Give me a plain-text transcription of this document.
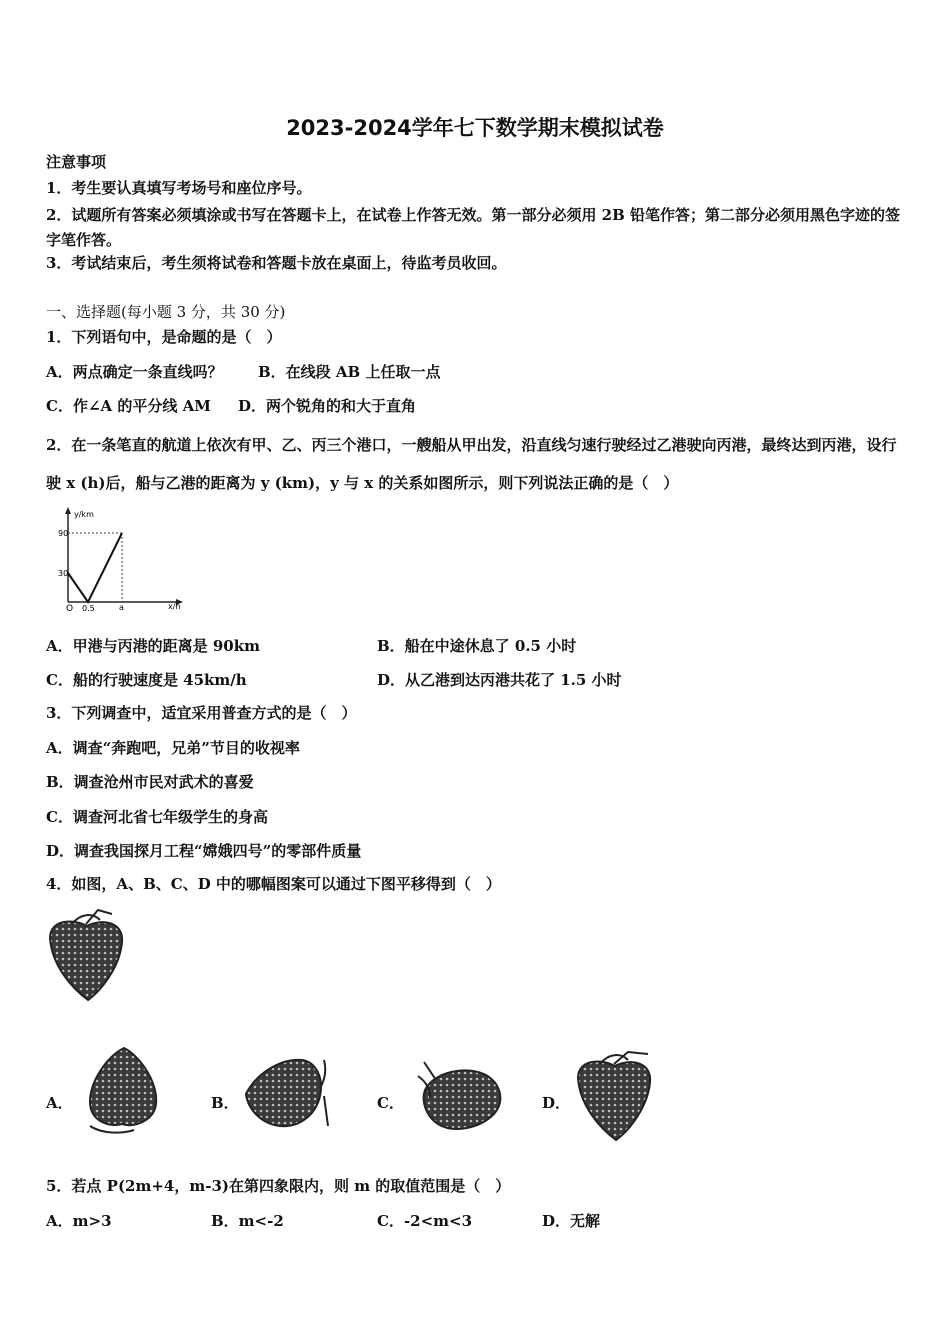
2023-2024学年七下数学期末模拟试卷
注意事项
1．考生要认真填写考场号和座位序号。
2．试题所有答案必须填涂或书写在答题卡上，在试卷上作答无效。第一部分必须用 2B 铅笔作答；第二部分必须用黑色字迹的签字笔作答。
3．考试结束后，考生须将试卷和答题卡放在桌面上，待监考员收回。
一、选择题(每小题 3 分，共 30 分)
1．下列语句中，是命题的是（　）
A．两点确定一条直线吗？ B．在线段 AB 上任取一点
C．作∠A 的平分线 AM D．两个锐角的和大于直角
2．在一条笔直的航道上依次有甲、乙、丙三个港口，一艘船从甲出发，沿直线匀速行驶经过乙港驶向丙港，最终达到丙港，设行驶 x (h)后，船与乙港的距离为 y (km)，y 与 x 的关系如图所示，则下列说法正确的是（　）
y/km
x/h
O
90
30
0.5	a
A．甲港与丙港的距离是 90km	B．船在中途休息了 0.5 小时
C．船的行驶速度是 45km/h	D．从乙港到达丙港共花了 1.5 小时
3．下列调查中，适宜采用普查方式的是（　）
A．调查“奔跑吧，兄弟”节目的收视率
B．调查沧州市民对武术的喜爱
C．调查河北省七年级学生的身高
D．调查我国探月工程“嫦娥四号”的零部件质量
4．如图，A、B、C、D 中的哪幅图案可以通过下图平移得到（　）
A．	B．	C．	D．
5．若点 P(2m+4，m-3)在第四象限内，则 m 的取值范围是（　）
A．m>3	B．m<-2	C．-2<m<3	D．无解
